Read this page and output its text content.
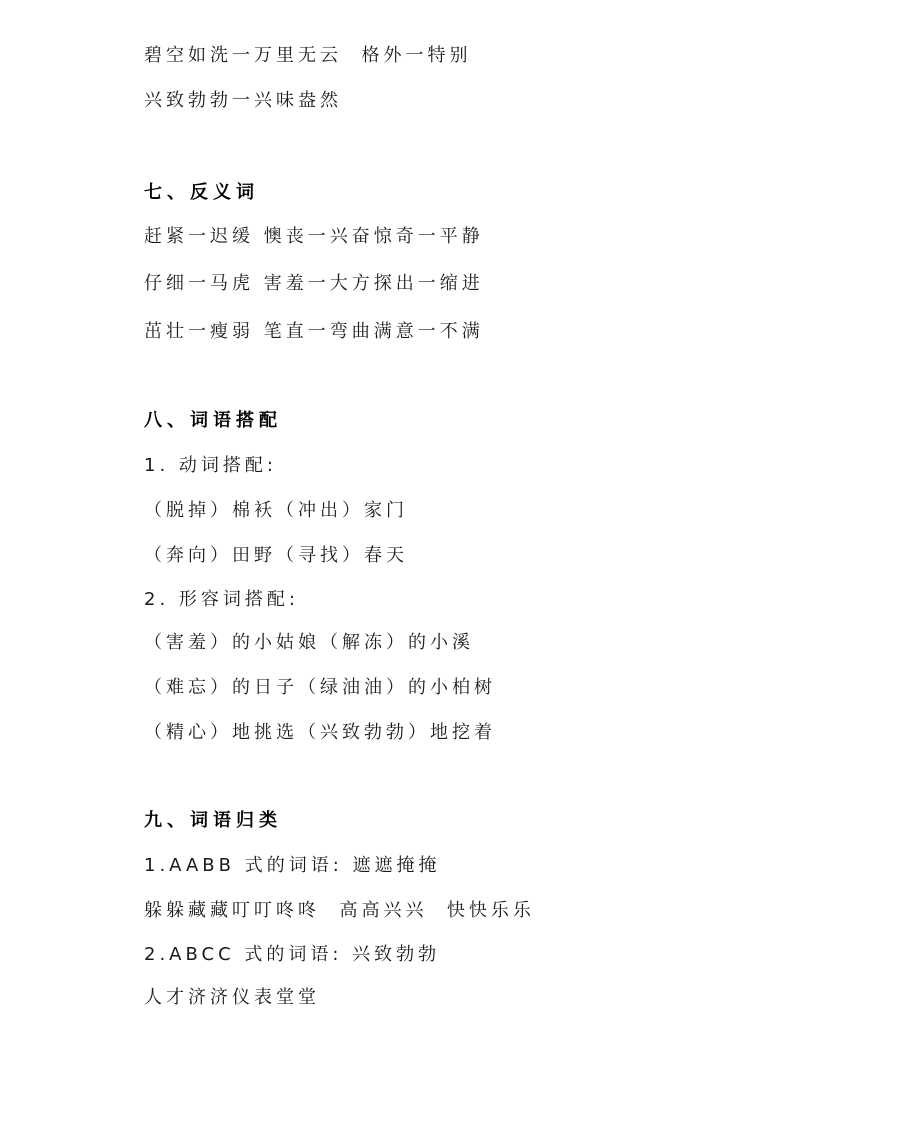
碧空如洗一万里无云  格外一特别
兴致勃勃一兴味盎然
七、反义词
赶紧一迟缓 懊丧一兴奋惊奇一平静
仔细一马虎 害羞一大方探出一缩进
茁壮一瘦弱 笔直一弯曲满意一不满
八、词语搭配
1. 动词搭配:
（脱掉）棉袄（冲出）家门
（奔向）田野（寻找）春天
2. 形容词搭配:
（害羞）的小姑娘（解冻）的小溪
（难忘）的日子（绿油油）的小柏树
（精心）地挑选（兴致勃勃）地挖着
九、词语归类
1.AABB 式的词语: 遮遮掩掩
躲躲藏藏叮叮咚咚  高高兴兴  快快乐乐
2.ABCC 式的词语: 兴致勃勃
人才济济仪表堂堂
